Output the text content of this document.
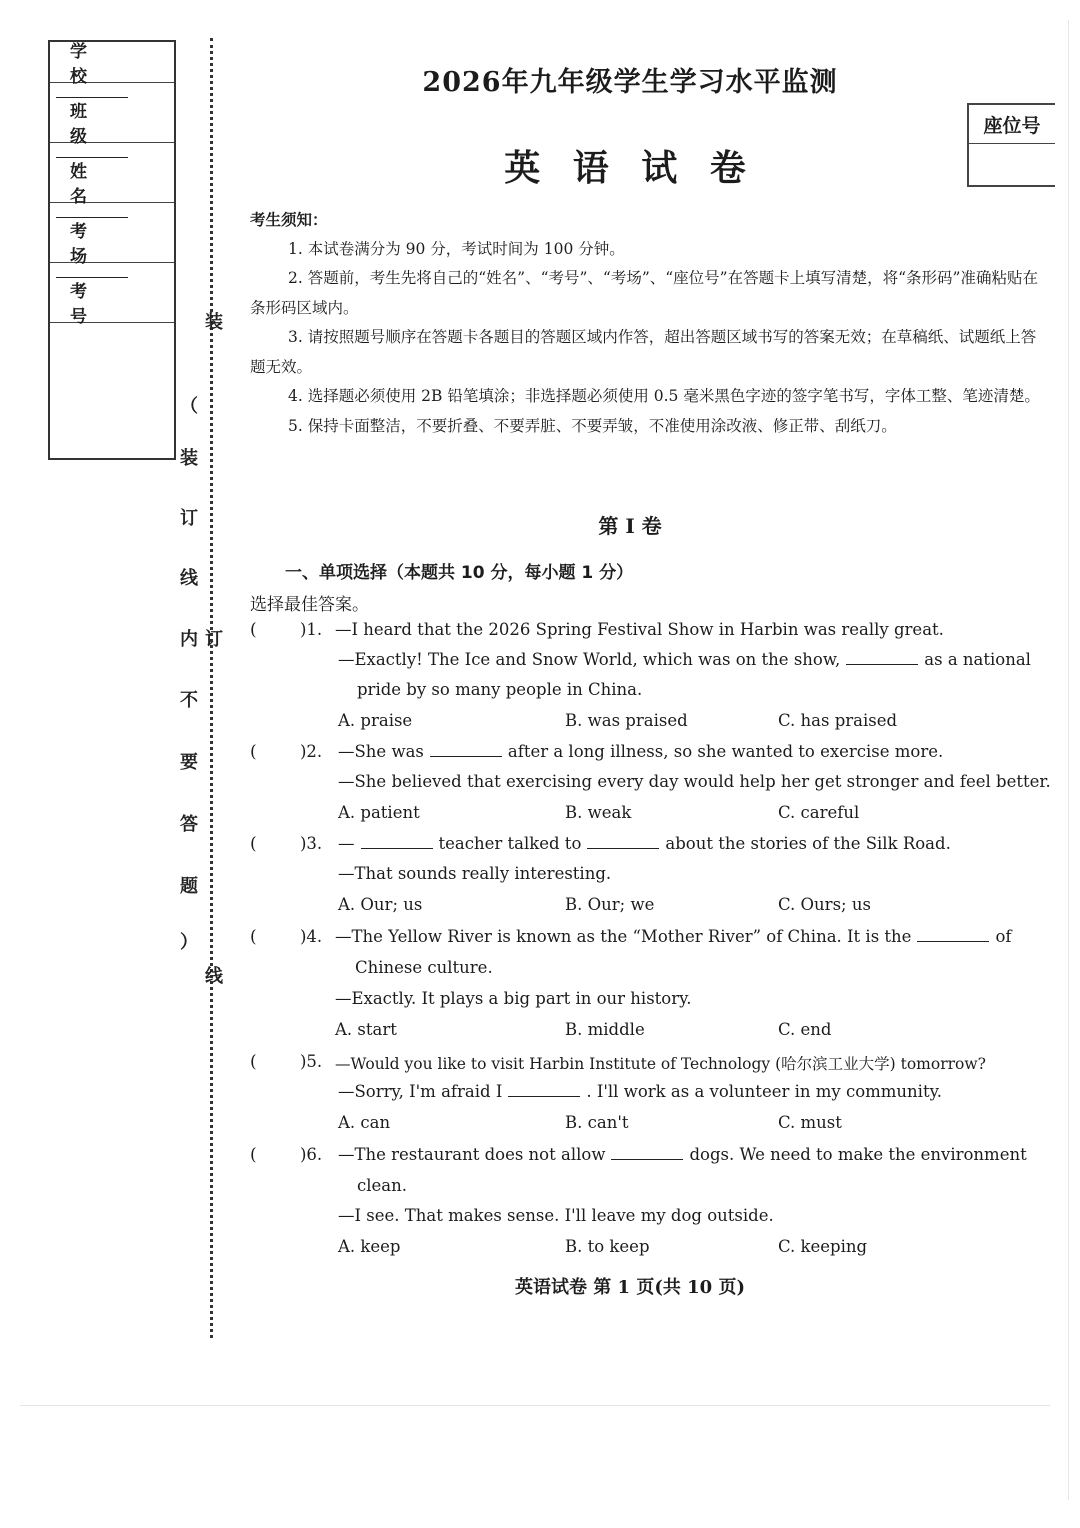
学 校
班 级
姓 名
考 场
考 号	装
（
装
订
线
内
不
要
答
题
）
订
线
2026年九年级学生学习水平监测
英 语 试 卷
座位号

考生须知：

1. 本试卷满分为 90 分，考试时间为 100 分钟。

2. 答题前，考生先将自己的“姓名”、“考号”、“考场”、“座位号”在答题卡上填写清楚，将“条形码”准确粘贴在条形码区域内。

3. 请按照题号顺序在答题卡各题目的答题区域内作答，超出答题区域书写的答案无效；在草稿纸、试题纸上答题无效。

4. 选择题必须使用 2B 铅笔填涂；非选择题必须使用 0.5 毫米黑色字迹的签字笔书写，字体工整、笔迹清楚。

5. 保持卡面整洁，不要折叠、不要弄脏、不要弄皱，不准使用涂改液、修正带、刮纸刀。

第 I 卷
一、单项选择（本题共 10 分，每小题 1 分）
选择最佳答案。
(	)1. —I heard that the 2026 Spring Festival Show in Harbin was really great.
—Exactly! The Ice and Snow World, which was on the show,	as a national
pride by so many people in China.
A. praise	B. was praised	C. has praised
(	)2. —She was	after a long illness, so she wanted to exercise more.
—She believed that exercising every day would help her get stronger and feel better.
A. patient	B. weak	C. careful
(	)3. —	teacher talked to	about the stories of the Silk Road.
—That sounds really interesting.
A. Our; us	B. Our; we	C. Ours; us
(	)4. —The Yellow River is known as the “Mother River” of China. It is the	of
Chinese culture.
—Exactly. It plays a big part in our history.
A. start	B. middle	C. end
(	)5. —Would you like to visit Harbin Institute of Technology (哈尔滨工业大学) tomorrow?
—Sorry, I'm afraid I	. I'll work as a volunteer in my community.
A. can	B. can't	C. must
(	)6. —The restaurant does not allow	dogs. We need to make the environment
clean.
—I see. That makes sense. I'll leave my dog outside.
A. keep	B. to keep	C. keeping
英语试卷 第 1 页(共 10 页)
